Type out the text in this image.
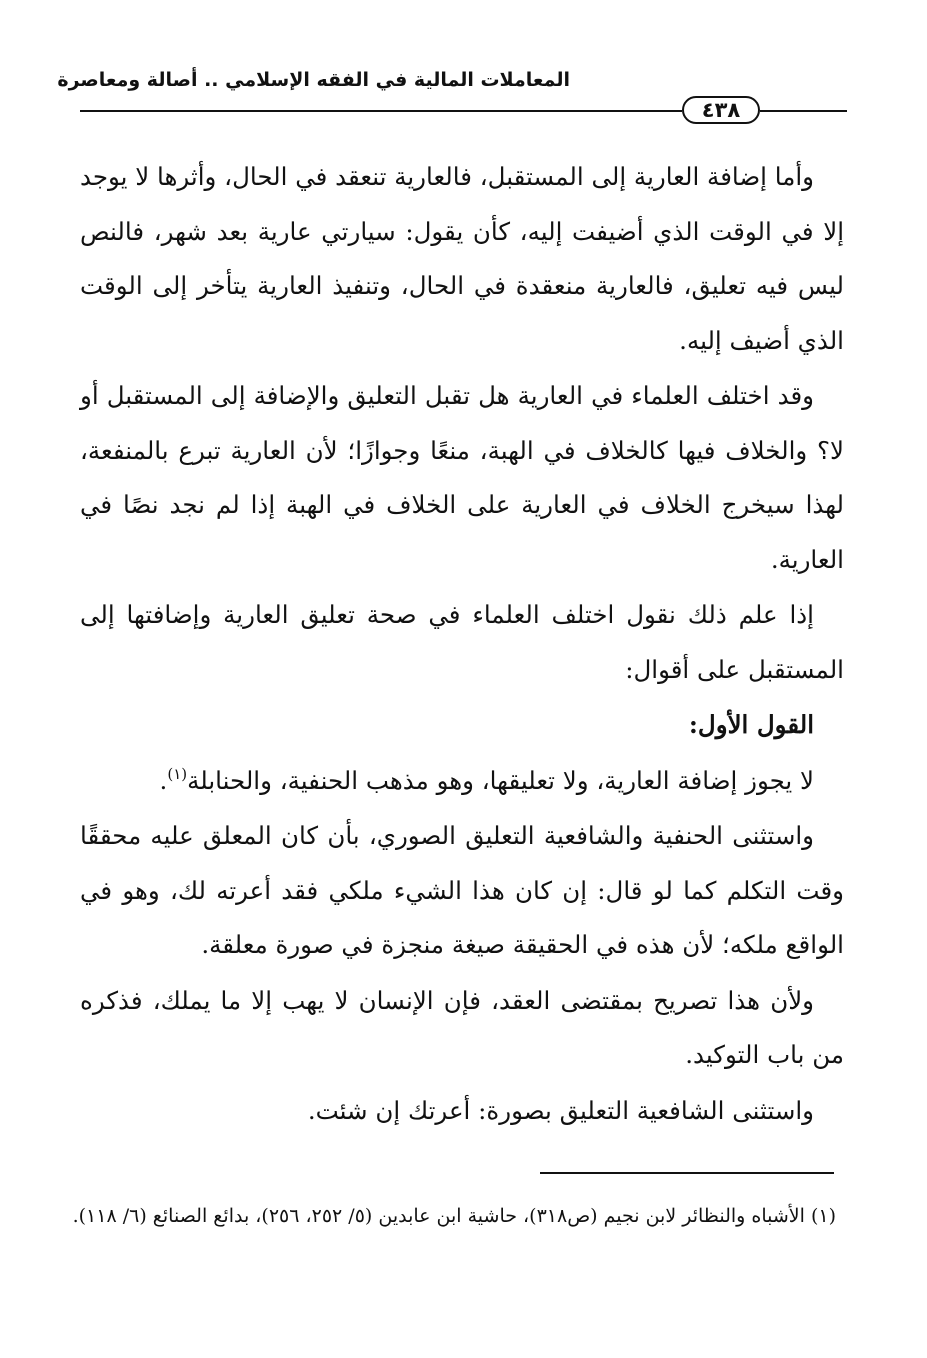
المعاملات المالية في الفقه الإسلامي .. أصالة ومعاصرة
٤٣٨

وأما إضافة العارية إلى المستقبل، فالعارية تنعقد في الحال، وأثرها لا يوجد إلا في الوقت الذي أضيفت إليه، كأن يقول: سيارتي عارية بعد شهر، فالنص ليس فيه تعليق، فالعارية منعقدة في الحال، وتنفيذ العارية يتأخر إلى الوقت الذي أضيف إليه.

وقد اختلف العلماء في العارية هل تقبل التعليق والإضافة إلى المستقبل أو لا؟ والخلاف فيها كالخلاف في الهبة، منعًا وجوازًا؛ لأن العارية تبرع بالمنفعة، لهذا سيخرج الخلاف في العارية على الخلاف في الهبة إذا لم نجد نصًا في العارية.

إذا علم ذلك نقول اختلف العلماء في صحة تعليق العارية وإضافتها إلى المستقبل على أقوال:

القول الأول:

لا يجوز إضافة العارية، ولا تعليقها، وهو مذهب الحنفية، والحنابلة$^{(١)}$.

واستثنى الحنفية والشافعية التعليق الصوري، بأن كان المعلق عليه محققًا وقت التكلم كما لو قال: إن كان هذا الشيء ملكي فقد أعرته لك، وهو في الواقع ملكه؛ لأن هذه في الحقيقة صيغة منجزة في صورة معلقة.

ولأن هذا تصريح بمقتضى العقد، فإن الإنسان لا يهب إلا ما يملك، فذكره من باب التوكيد.

واستثنى الشافعية التعليق بصورة: أعرتك إن شئت.

(١) الأشباه والنظائر لابن نجيم (ص٣١٨)، حاشية ابن عابدين (٥/ ٢٥٢، ٢٥٦)، بدائع الصنائع (٦/ ١١٨).
